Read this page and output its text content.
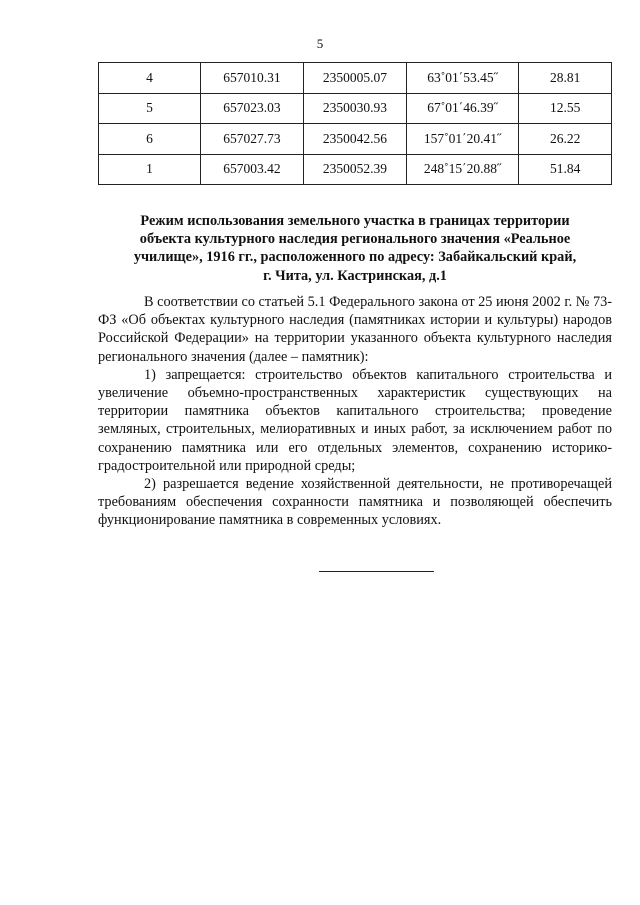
5
4	657010.31	2350005.07	63˚01΄53.45˝	28.81
5	657023.03	2350030.93	67˚01΄46.39˝	12.55
6	657027.73	2350042.56	157˚01΄20.41˝	26.22
1	657003.42	2350052.39	248˚15΄20.88˝	51.84
Режим использования земельного участка в границах территории
объекта культурного наследия регионального значения «Реальное
училище», 1916 гг., расположенного по адресу: Забайкальский край,
г. Чита, ул. Кастринская, д.1

В соответствии со статьей 5.1 Федерального закона от 25 июня 2002 г. № 73-ФЗ «Об объектах культурного наследия (памятниках истории и культуры) народов Российской Федерации» на территории указанного объекта культурного наследия регионального значения (далее – памятник):

1) запрещается: строительство объектов капитального строительства и увеличение объемно-пространственных характеристик существующих на территории памятника объектов капитального строительства; проведение земляных, строительных, мелиоративных и иных работ, за исключением работ по сохранению памятника или его отдельных элементов, сохранению историко-градостроительной или природной среды;

2) разрешается ведение хозяйственной деятельности, не противоречащей требованиям обеспечения сохранности памятника и позволяющей обеспечить функционирование памятника в современных условиях.
